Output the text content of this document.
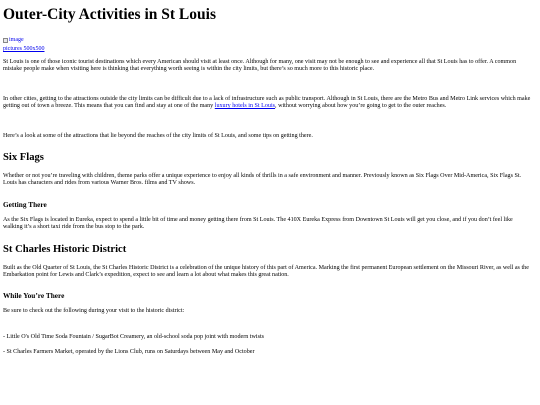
Outer-City Activities in St Louis
image
pictures 500x500

St Louis is one of those iconic tourist destinations which every American should visit at least once. Although for many, one visit may not be enough to see and experience all that St Louis has to offer. A common mistake people make when visiting here is thinking that everything worth seeing is within the city limits, but there’s so much more to this historic place.

In other cities, getting to the attractions outside the city limits can be difficult due to a lack of infrastructure such as public transport. Although in St Louis, there are the Metro Bus and Metro Link services which make getting out of town a breeze. This means that you can find and stay at one of the many luxury hotels in St Louis, without worrying about how you’re going to get to the outer reaches.

Here’s a look at some of the attractions that lie beyond the reaches of the city limits of St Louis, and some tips on getting there.

Six Flags

Whether or not you’re traveling with children, theme parks offer a unique experience to enjoy all kinds of thrills in a safe environment and manner. Previously known as Six Flags Over Mid-America, Six Flags St. Louis has characters and rides from various Warner Bros. films and TV shows.

Getting There

As the Six Flags is located in Eureka, expect to spend a little bit of time and money getting there from St Louis. The 410X Eureka Express from Downtown St Louis will get you close, and if you don’t feel like walking it’s a short taxi ride from the bus stop to the park.

St Charles Historic District

Built as the Old Quarter of St Louis, the St Charles Historic District is a celebration of the unique history of this part of America. Marking the first permanent European settlement on the Missouri River, as well as the Embarkation point for Lewis and Clark’s expedition, expect to see and learn a lot about what makes this great nation.

While You’re There

Be sure to check out the following during your visit to the historic district:

- Little O's Old Time Soda Fountain / SugarBot Creamery, an old-school soda pop joint with modern twists
- St Charles Farmers Market, operated by the Lions Club, runs on Saturdays between May and October
